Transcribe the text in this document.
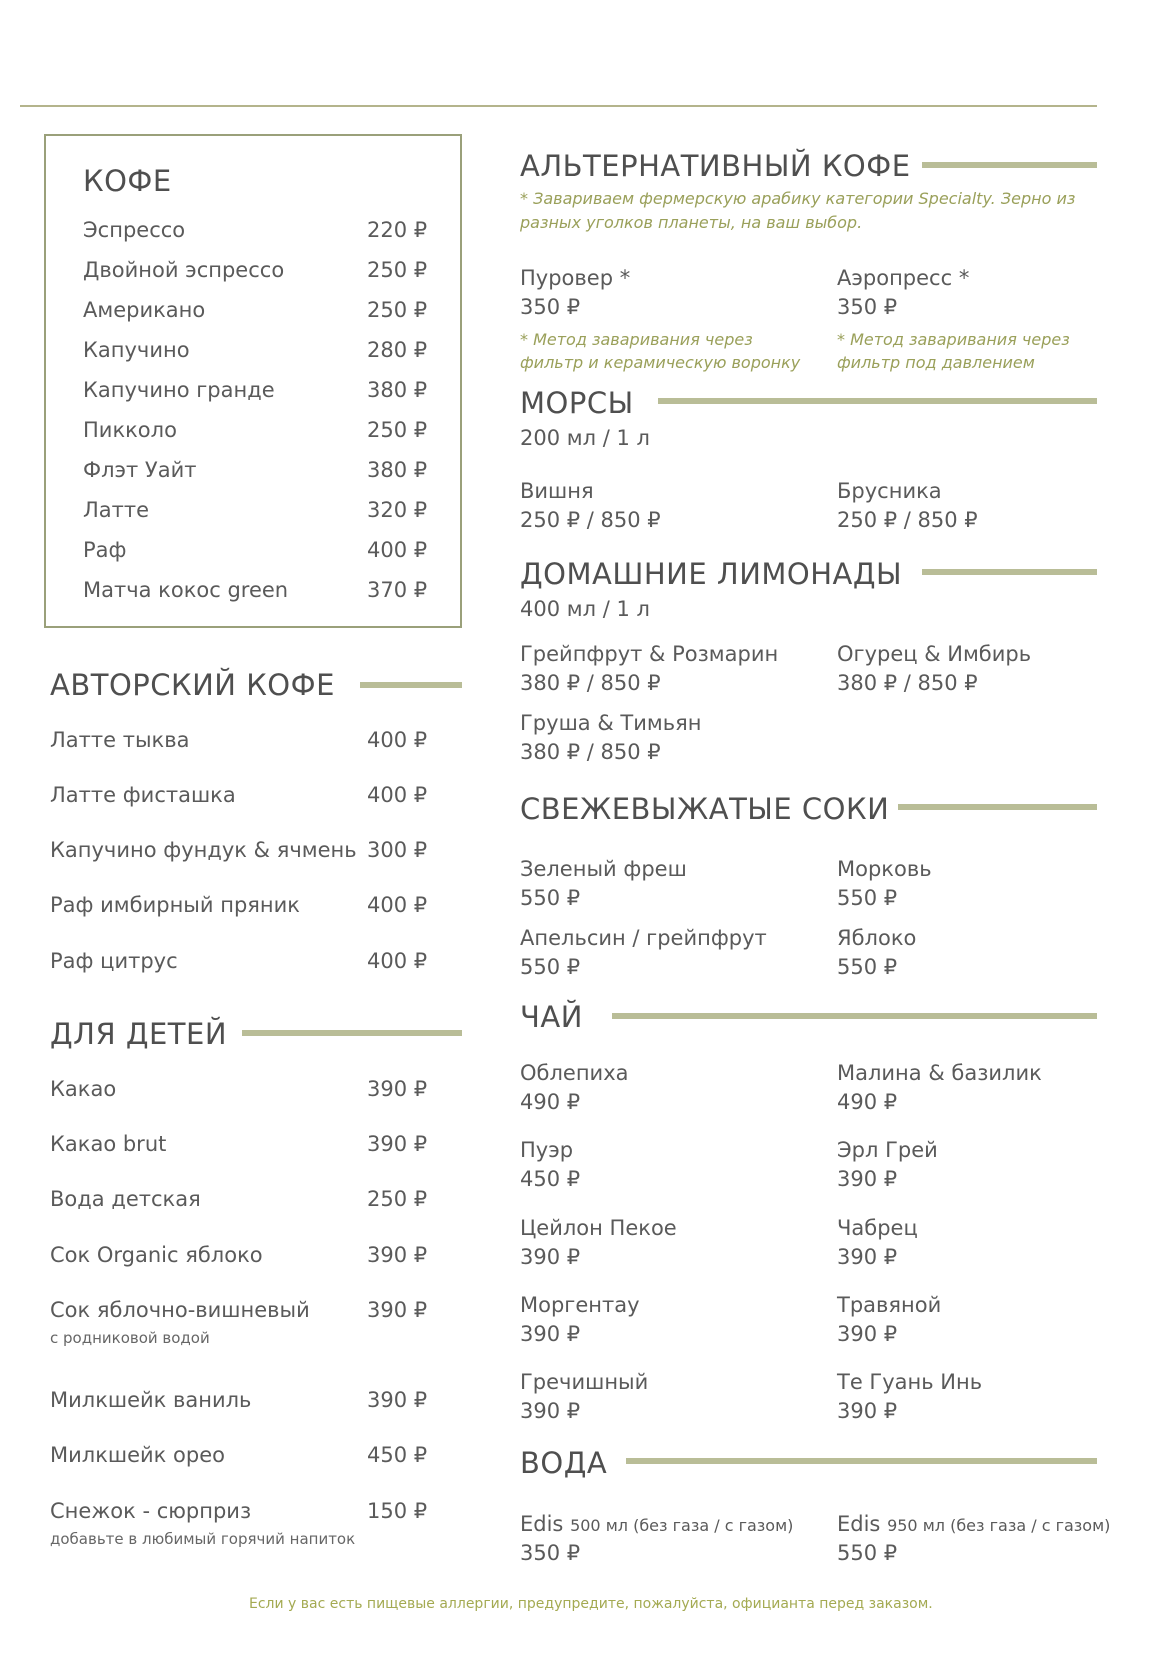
КОФЕ
Эспрессо	220 ₽
Двойной эспрессо	250 ₽
Американо	250 ₽
Капучино	280 ₽
Капучино гранде	380 ₽
Пикколо	250 ₽
Флэт Уайт	380 ₽
Латте	320 ₽
Раф	400 ₽
Матча кокос green	370 ₽
АВТОРСКИЙ КОФЕ
Латте тыква	400 ₽
Латте фисташка	400 ₽
Капучино фундук & ячмень 300 ₽
Раф имбирный пряник	400 ₽
Раф цитрус	400 ₽
ДЛЯ ДЕТЕЙ
Какао	390 ₽
Какао brut	390 ₽
Вода детская	250 ₽
Сок Organic яблоко	390 ₽
Сок яблочно-вишневый	390 ₽
с родниковой водой
Милкшейк ваниль	390 ₽
Милкшейк орео	450 ₽
Снежок - сюрприз	150 ₽
добавьте в любимый горячий напиток
АЛЬТЕРНАТИВНЫЙ КОФЕ
* Завариваем фермерскую арабику категории Specialty. Зерно из
разных уголков планеты, на ваш выбор.
Пуровер *
350 ₽
* Метод заваривания через
фильтр и керамическую воронку
Аэропресс *
350 ₽
* Метод заваривания через
фильтр под давлением
МОРСЫ
200 мл / 1 л
Вишня
250 ₽ / 850 ₽
Брусника
250 ₽ / 850 ₽
ДОМАШНИЕ ЛИМОНАДЫ
400 мл / 1 л
Грейпфрут & Розмарин
380 ₽ / 850 ₽
Огурец & Имбирь
380 ₽ / 850 ₽
Груша & Тимьян
380 ₽ / 850 ₽
СВЕЖЕВЫЖАТЫЕ СОКИ
Зеленый фреш
550 ₽
Морковь
550 ₽
Апельсин / грейпфрут
550 ₽
Яблоко
550 ₽
ЧАЙ
Облепиха
490 ₽
Малина & базилик
490 ₽
Пуэр
450 ₽
Эрл Грей
390 ₽
Цейлон Пекое
390 ₽
Чабрец
390 ₽
Моргентау
390 ₽
Травяной
390 ₽
Гречишный
390 ₽
Те Гуань Инь
390 ₽
ВОДА
Edis 500 мл (без газа / с газом)
350 ₽
Edis 950 мл (без газа / с газом)
550 ₽
Если у вас есть пищевые аллергии, предупредите, пожалуйста, официанта перед заказом.
